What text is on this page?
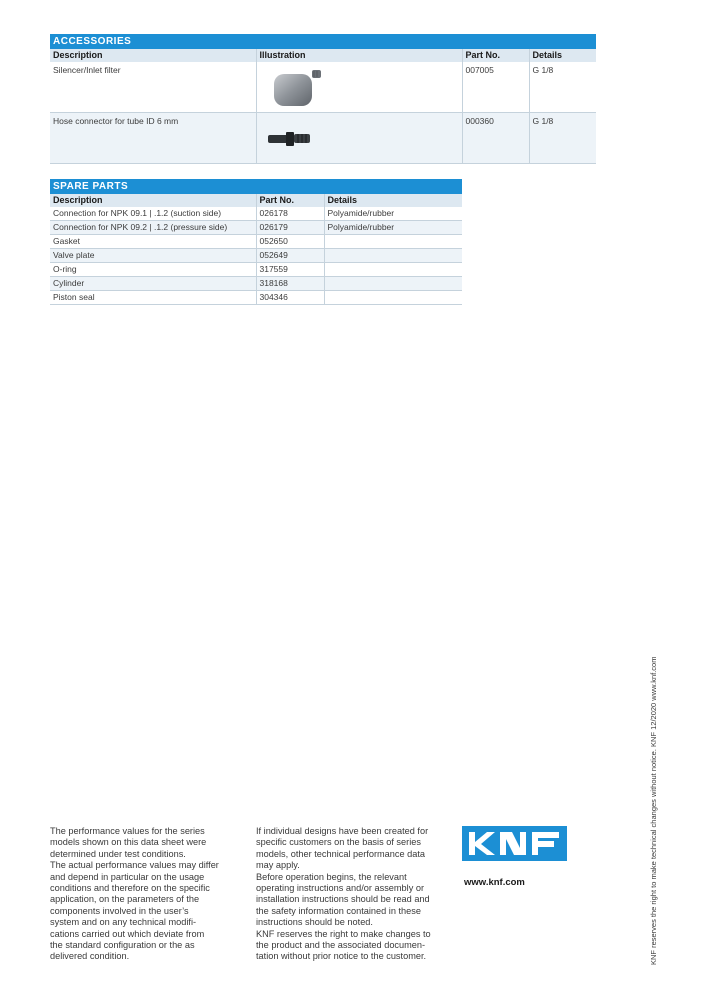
ACCESSORIES			
Description	Illustration	Part No.	Details
Silencer/Inlet filter		007005	G 1/8
Hose connector for tube ID 6 mm		000360	G 1/8
SPARE PARTS		
Description	Part No.	Details
Connection for NPK 09.1 | .1.2 (suction side)	026178	Polyamide/rubber
Connection for NPK 09.2 | .1.2 (pressure side)	026179	Polyamide/rubber
Gasket	052650	
Valve plate	052649	
O-ring	317559	
Cylinder	318168	
Piston seal	304346	
The performance values for the series
models shown on this data sheet were
determined under test conditions.
The actual performance values may differ
and depend in particular on the usage
conditions and therefore on the specific
application, on the parameters of the
components involved in the user’s
system and on any technical modifi-
cations carried out which deviate from
the standard configuration or the as
delivered condition.
If individual designs have been created for
specific customers on the basis of series
models, other technical performance data
may apply.
Before operation begins, the relevant
operating instructions and/or assembly or
installation instructions should be read and
the safety information contained in these
instructions should be noted.
KNF reserves the right to make changes to
the product and the associated documen-
tation without prior notice to the customer.
www.knf.com	KNF reserves the right to make technical changes without notice. KNF 12/2020 www.knf.com
